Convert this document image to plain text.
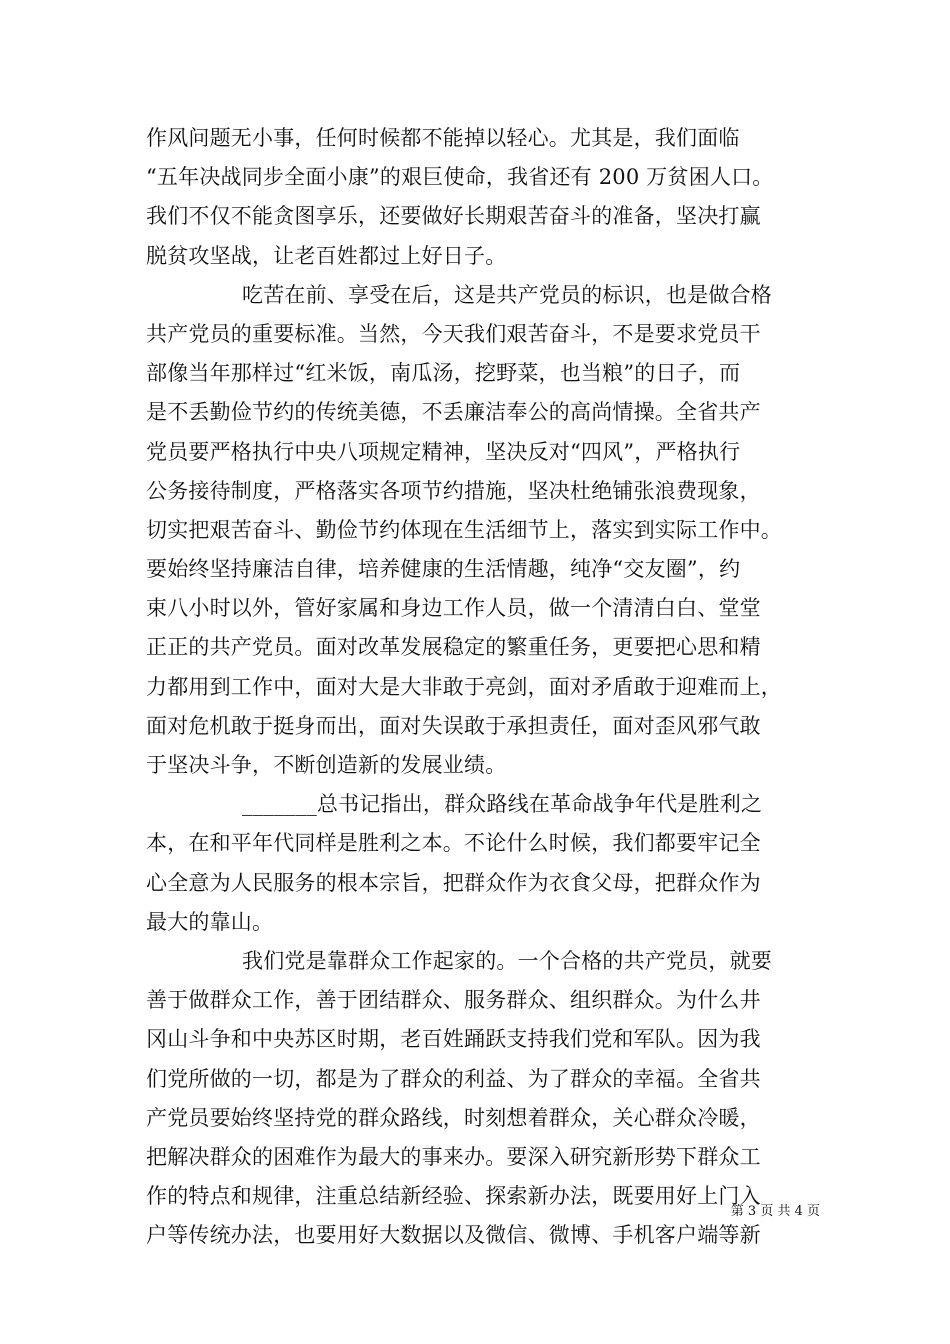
作风问题无小事，任何时候都不能掉以轻心。尤其是，我们面临
“五年决战同步全面小康”的艰巨使命，我省还有 200 万贫困人口。
我们不仅不能贪图享乐，还要做好长期艰苦奋斗的准备，坚决打赢
脱贫攻坚战，让老百姓都过上好日子。
吃苦在前、享受在后，这是共产党员的标识，也是做合格
共产党员的重要标准。当然，今天我们艰苦奋斗，不是要求党员干
部像当年那样过“红米饭，南瓜汤，挖野菜，也当粮”的日子，而
是不丢勤俭节约的传统美德，不丢廉洁奉公的高尚情操。全省共产
党员要严格执行中央八项规定精神，坚决反对“四风”，严格执行
公务接待制度，严格落实各项节约措施，坚决杜绝铺张浪费现象，
切实把艰苦奋斗、勤俭节约体现在生活细节上，落实到实际工作中。
要始终坚持廉洁自律，培养健康的生活情趣，纯净“交友圈”，约
束八小时以外，管好家属和身边工作人员，做一个清清白白、堂堂
正正的共产党员。面对改革发展稳定的繁重任务，更要把心思和精
力都用到工作中，面对大是大非敢于亮剑，面对矛盾敢于迎难而上，
面对危机敢于挺身而出，面对失误敢于承担责任，面对歪风邪气敢
于坚决斗争，不断创造新的发展业绩。
_______总书记指出，群众路线在革命战争年代是胜利之
本，在和平年代同样是胜利之本。不论什么时候，我们都要牢记全
心全意为人民服务的根本宗旨，把群众作为衣食父母，把群众作为
最大的靠山。
我们党是靠群众工作起家的。一个合格的共产党员，就要
善于做群众工作，善于团结群众、服务群众、组织群众。为什么井
冈山斗争和中央苏区时期，老百姓踊跃支持我们党和军队。因为我
们党所做的一切，都是为了群众的利益、为了群众的幸福。全省共
产党员要始终坚持党的群众路线，时刻想着群众，关心群众冷暖，
把解决群众的困难作为最大的事来办。要深入研究新形势下群众工
作的特点和规律，注重总结新经验、探索新办法，既要用好上门入
户等传统办法，也要用好大数据以及微信、微博、手机客户端等新
第 3 页 共 4 页
